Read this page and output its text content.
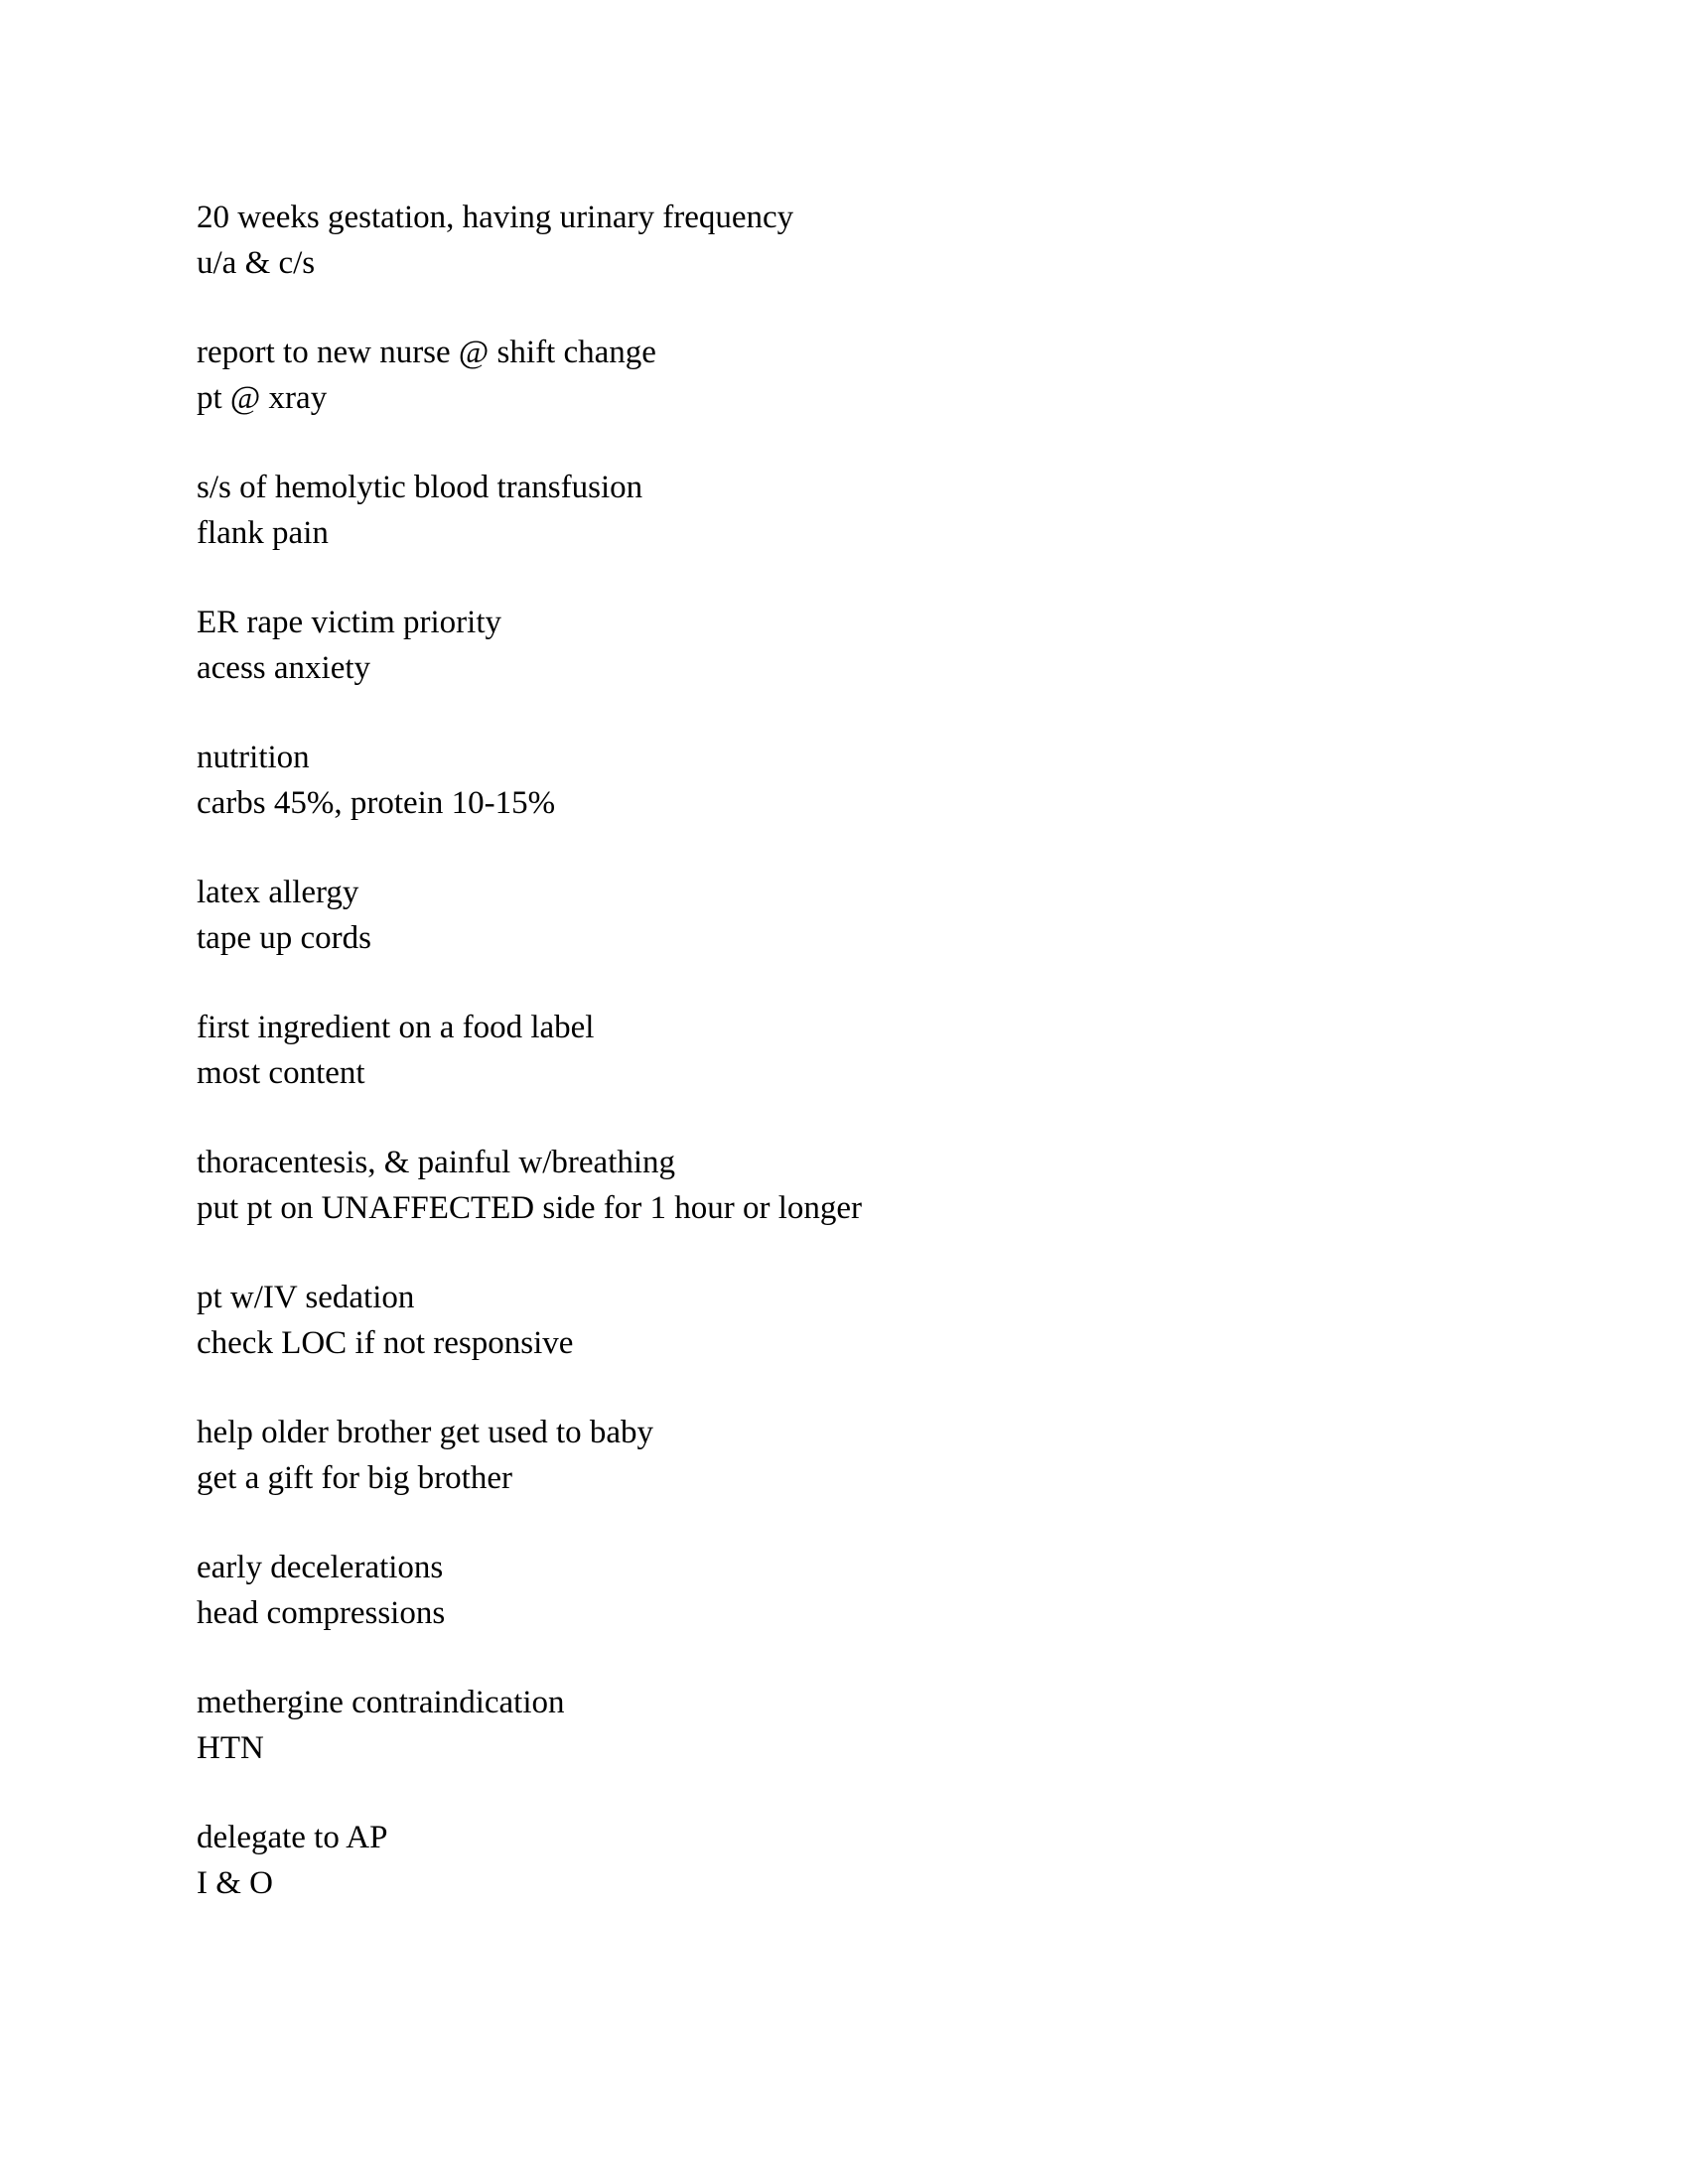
20 weeks gestation, having urinary frequency
u/a & c/s
report to new nurse @ shift change
pt @ xray
s/s of hemolytic blood transfusion
flank pain
ER rape victim priority
acess anxiety
nutrition
carbs 45%, protein 10-15%
latex allergy
tape up cords
first ingredient on a food label
most content
thoracentesis, & painful w/breathing
put pt on UNAFFECTED side for 1 hour or longer
pt w/IV sedation
check LOC if not responsive
help older brother get used to baby
get a gift for big brother
early decelerations
head compressions
methergine contraindication
HTN
delegate to AP
I & O
